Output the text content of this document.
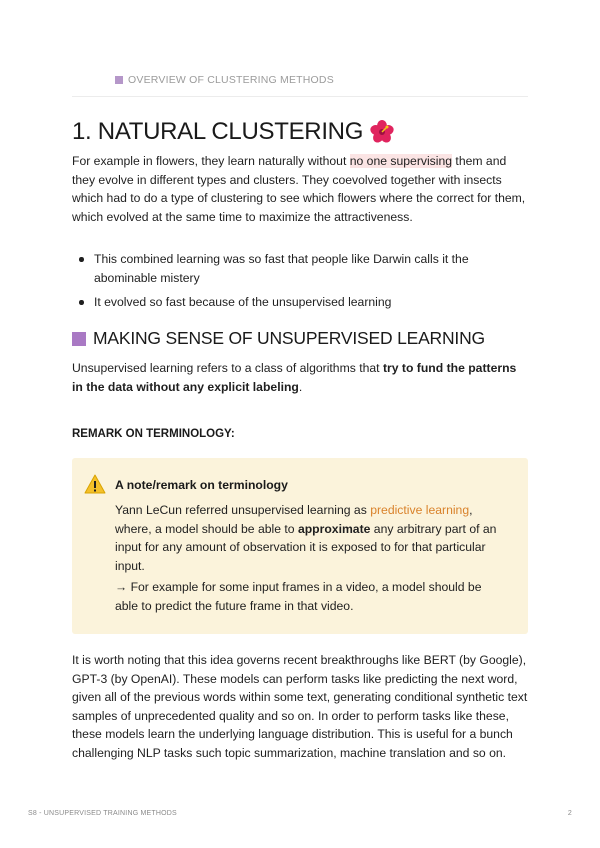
OVERVIEW OF CLUSTERING METHODS
1. NATURAL CLUSTERING

For example in flowers, they learn naturally without no one supervising them and they evolve in different types and clusters. They coevolved together with insects which had to do a type of clustering to see which flowers where the correct for them, which evolved at the same time to maximize the attractiveness.

This combined learning was so fast that people like Darwin calls it the abominable mistery
It evolved so fast because of the unsupervised learning
MAKING SENSE OF UNSUPERVISED LEARNING

Unsupervised learning refers to a class of algorithms that try to fund the patterns in the data without any explicit labeling.

REMARK ON TERMINOLOGY:
A note/remark on terminology

Yann LeCun referred unsupervised learning as predictive learning, where, a model should be able to approximate any arbitrary part of an input for any amount of observation it is exposed to for that particular input.

→ For example for some input frames in a video, a model should be able to predict the future frame in that video.

It is worth noting that this idea governs recent breakthroughs like BERT (by Google), GPT-3 (by OpenAI). These models can perform tasks like predicting the next word, given all of the previous words within some text, generating conditional synthetic text samples of unprecedented quality and so on. In order to perform tasks like these, these models learn the underlying language distribution. This is useful for a bunch challenging NLP tasks such topic summarization, machine translation and so on.

S8 - UNSUPERVISED TRAINING METHODS	2
